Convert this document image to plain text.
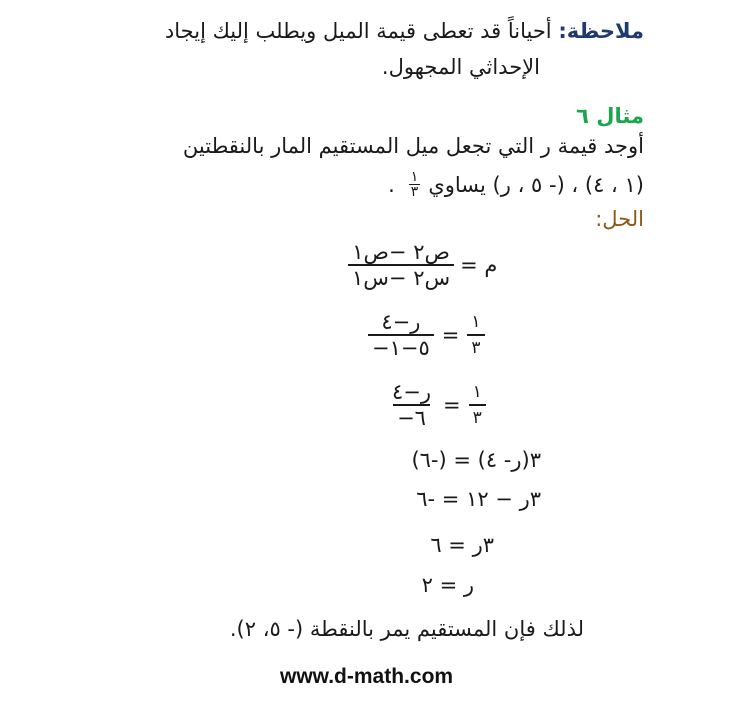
ملاحظة: أحياناً قد تعطى قيمة الميل ويطلب إليك إيجاد
الإحداثي المجهول.
مثال ٦
أوجد قيمة ر التي تجعل ميل المستقيم المار بالنقطتين
(١ ، ٤) ، (- ٥ ، ر) يساوي
$\frac{١}{٣}$
.
الحل:
م =
$\frac{\text{ص٢ −ص١}}{\text{س٢ −س١}}$
$\frac{\text{ر−٤}}{-٥-١} = \frac{١}{٣}$
$\frac{\text{ر−٤}}{-٦} = \frac{١}{٣}$
٣(ر- ٤) = (-٦)
٣ر − ١٢ = -٦
٣ر = ٦
ر = ٢
لذلك فإن المستقيم يمر بالنقطة (- ٥، ٢).
www.d-math.com
